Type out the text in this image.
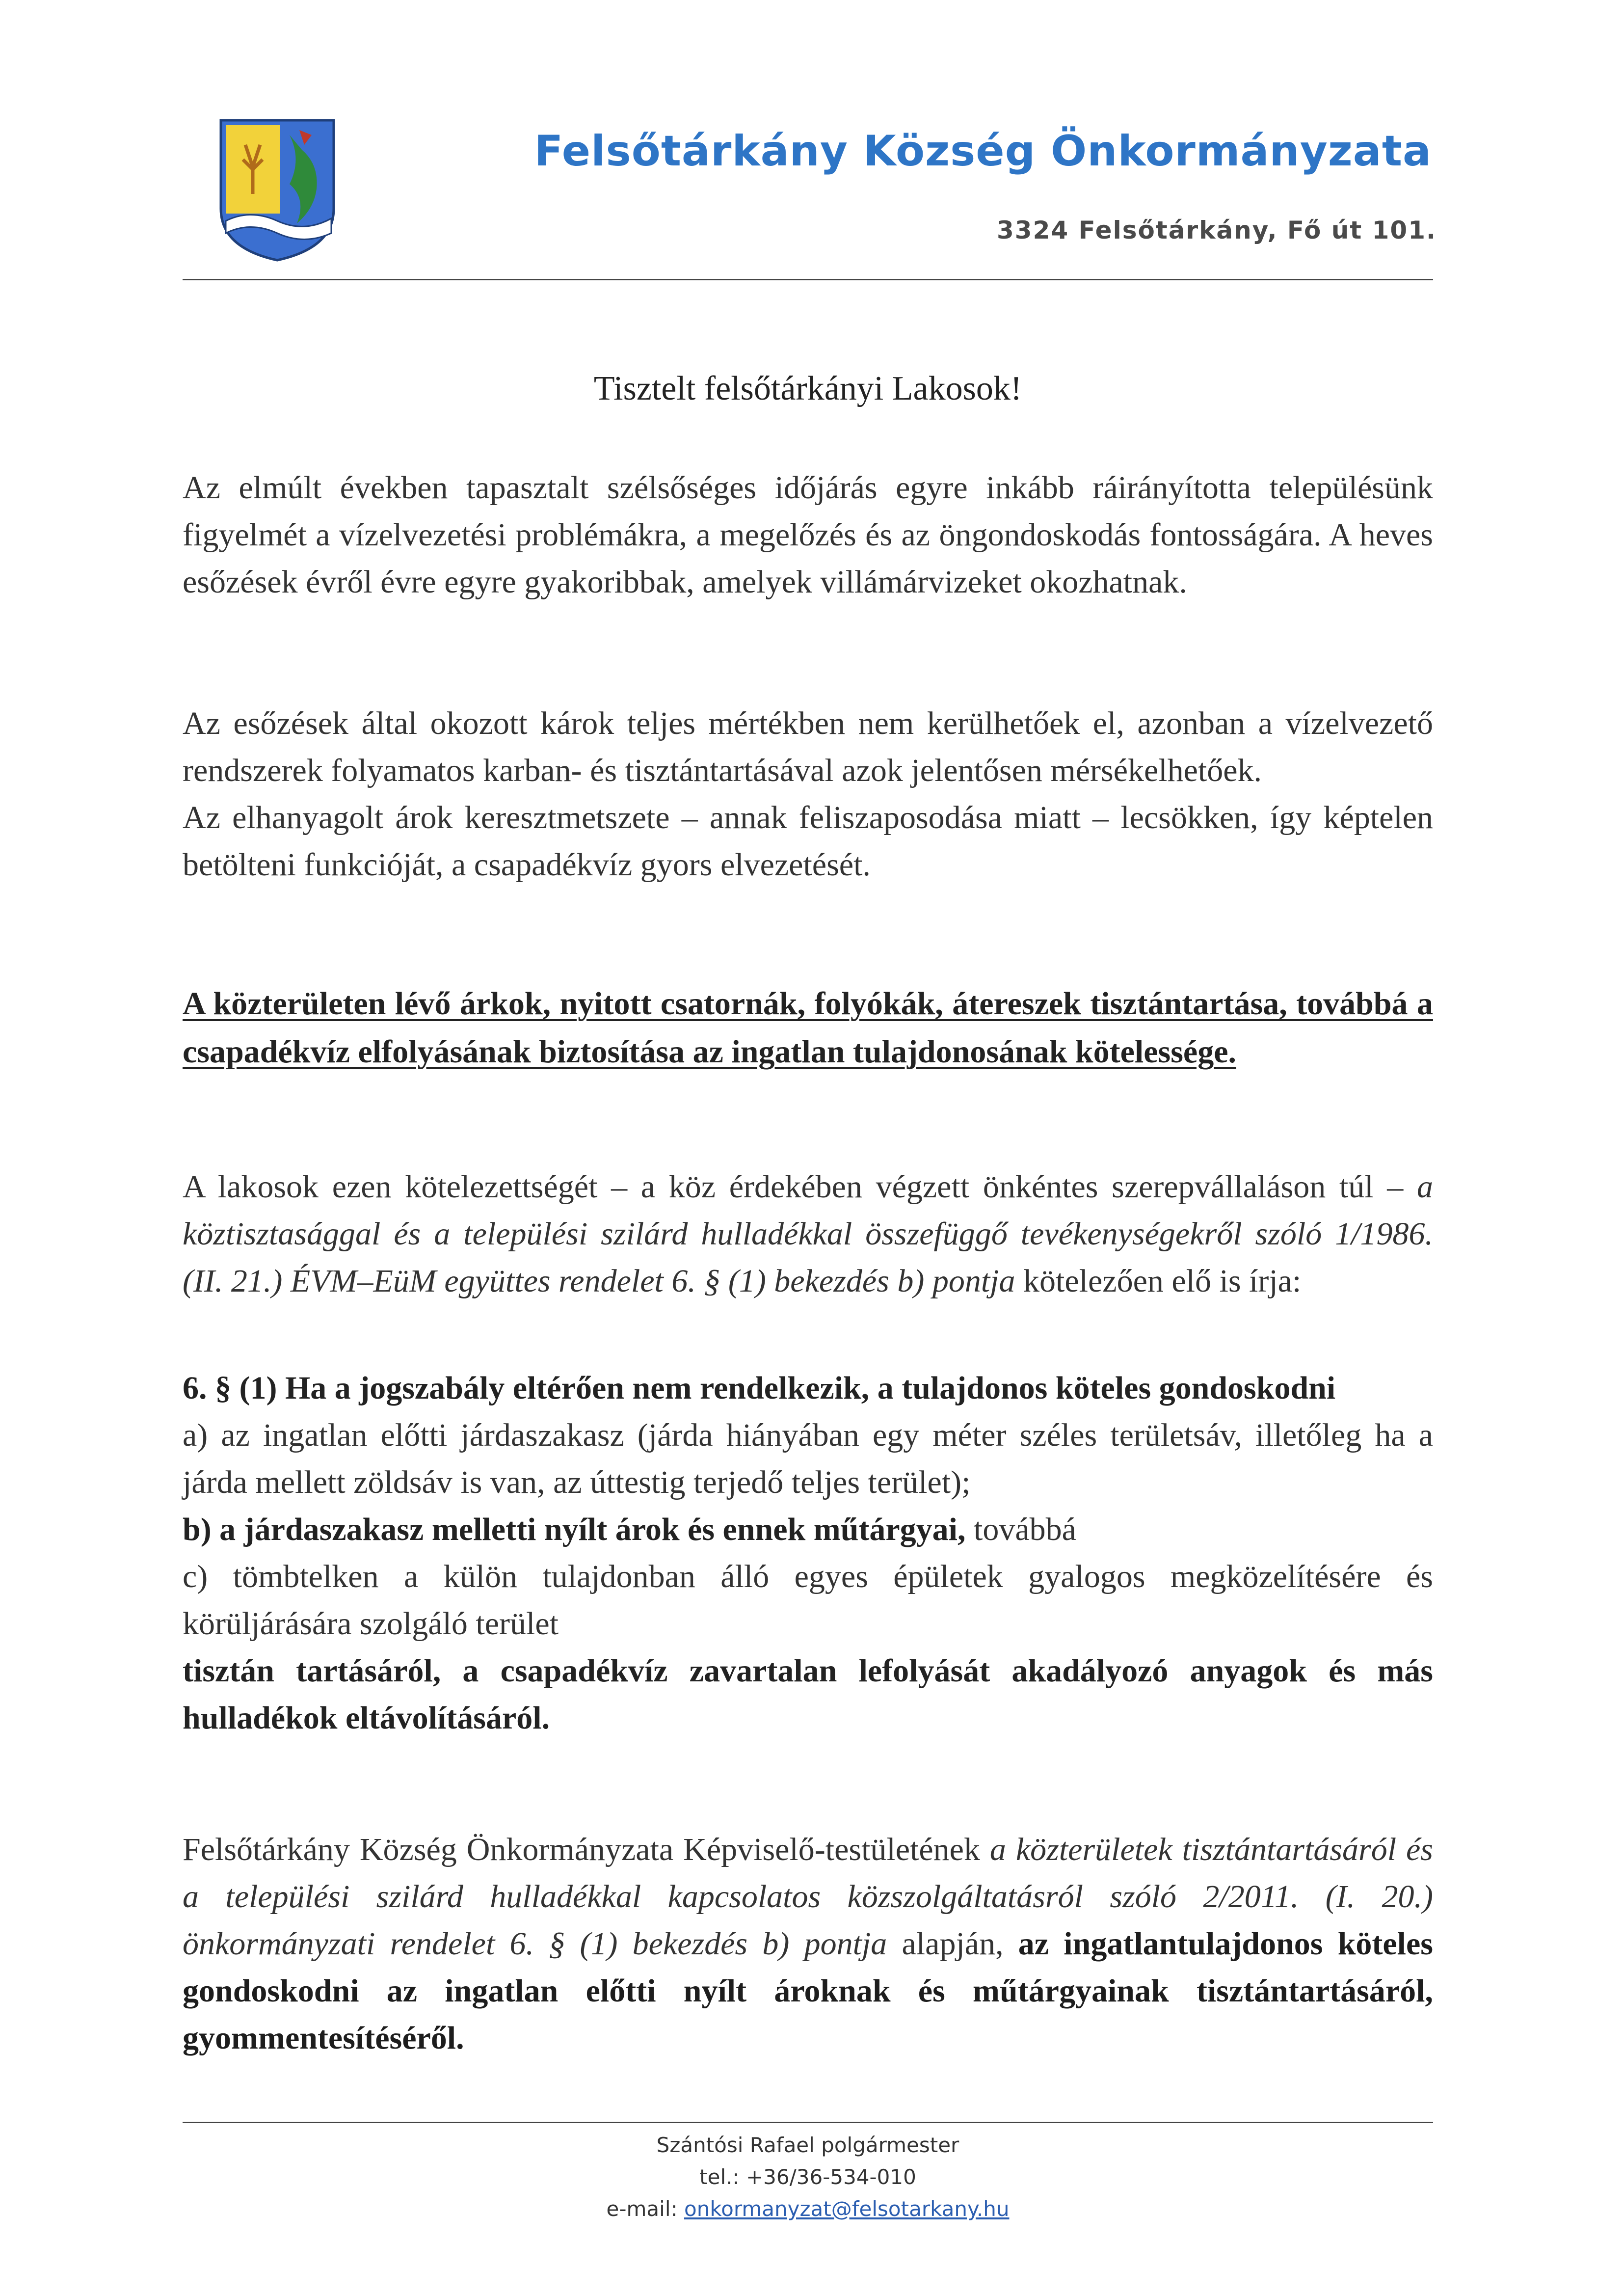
Felsőtárkány Község Önkormányzata
3324 Felsőtárkány, Fő út 101.
Tisztelt felsőtárkányi Lakosok!
Az elmúlt években tapasztalt szélsőséges időjárás egyre inkább ráirányította településünk figyelmét a vízelvezetési problémákra, a megelőzés és az öngondoskodás fontosságára. A heves esőzések évről évre egyre gyakoribbak, amelyek villámárvizeket okozhatnak.
Az esőzések által okozott károk teljes mértékben nem kerülhetőek el, azonban a vízelvezető rendszerek folyamatos karban- és tisztántartásával azok jelentősen mérsékelhetőek.
Az elhanyagolt árok keresztmetszete – annak feliszaposodása miatt – lecsökken, így képtelen betölteni funkcióját, a csapadékvíz gyors elvezetését.
A közterületen lévő árkok, nyitott csatornák, folyókák, átereszek tisztántartása, továbbá a csapadékvíz elfolyásának biztosítása az ingatlan tulajdonosának kötelessége.
A lakosok ezen kötelezettségét – a köz érdekében végzett önkéntes szerepvállaláson túl – a köztisztasággal és a települési szilárd hulladékkal összefüggő tevékenységekről szóló 1/1986. (II. 21.) ÉVM–EüM együttes rendelet 6. § (1) bekezdés b) pontja kötelezően elő is írja:
6. § (1) Ha a jogszabály eltérően nem rendelkezik, a tulajdonos köteles gondoskodni
a) az ingatlan előtti járdaszakasz (járda hiányában egy méter széles területsáv, illetőleg ha a járda mellett zöldsáv is van, az úttestig terjedő teljes terület);
b) a járdaszakasz melletti nyílt árok és ennek műtárgyai, továbbá
c) tömbtelken a külön tulajdonban álló egyes épületek gyalogos megközelítésére és körüljárására szolgáló terület
tisztán tartásáról, a csapadékvíz zavartalan lefolyását akadályozó anyagok és más hulladékok eltávolításáról.
Felsőtárkány Község Önkormányzata Képviselő-testületének a közterületek tisztántartásáról és a települési szilárd hulladékkal kapcsolatos közszolgáltatásról szóló 2/2011. (I. 20.) önkormányzati rendelet 6. § (1) bekezdés b) pontja alapján, az ingatlantulajdonos köteles gondoskodni az ingatlan előtti nyílt ároknak és műtárgyainak tisztántartásáról, gyommentesítéséről.
Szántósi Rafael polgármester
tel.: +36/36-534-010
e-mail: onkormanyzat@felsotarkany.hu
